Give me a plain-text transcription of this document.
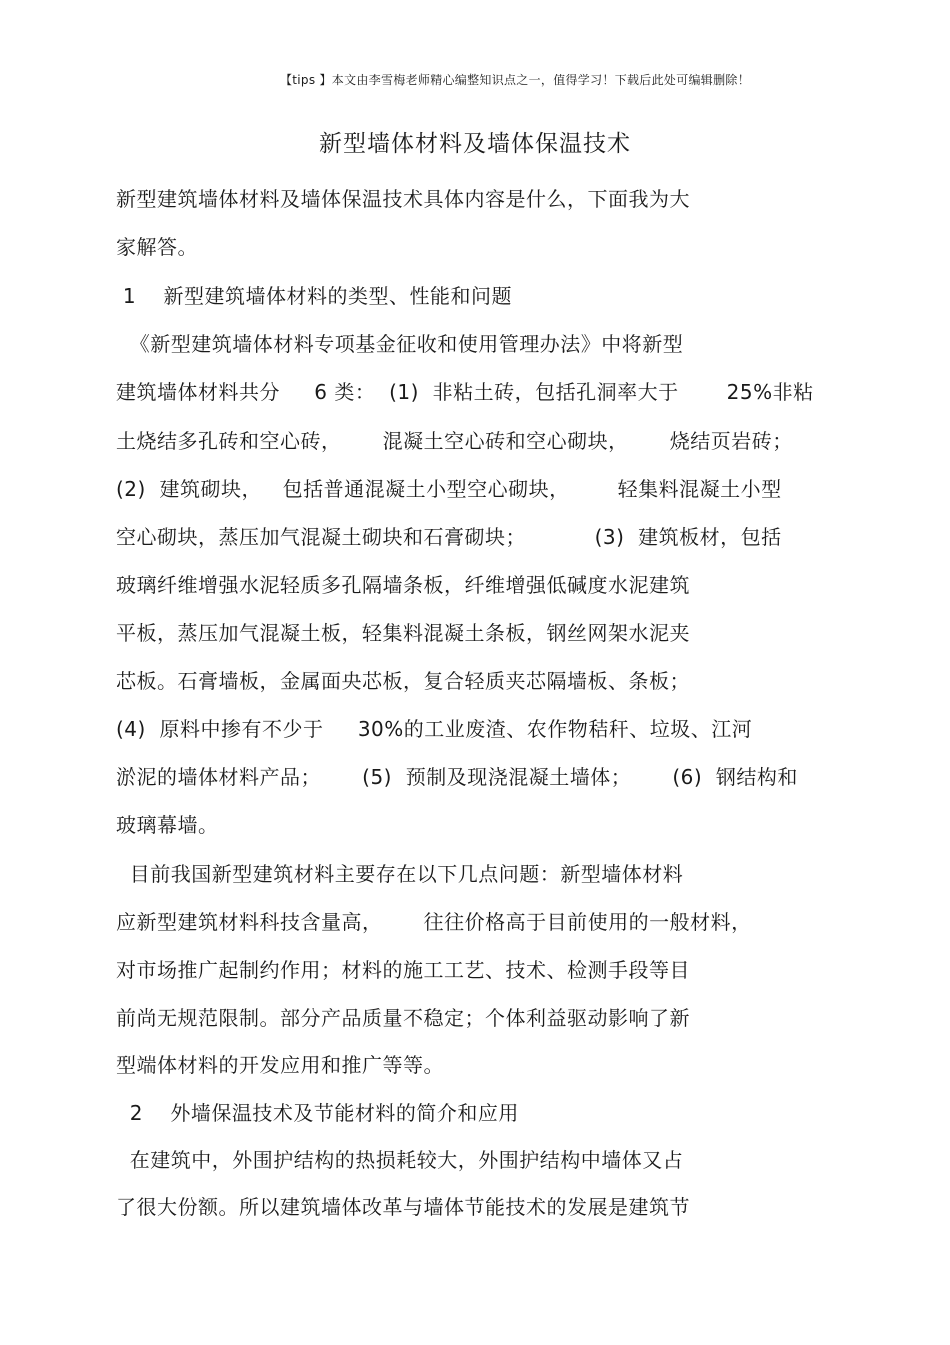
【tips 】本文由李雪梅老师精心编整知识点之一，值得学习！下载后此处可编辑删除！
新型墙体材料及墙体保温技术
新型建筑墙体材料及墙体保温技术具体内容是什么，下面我为大
家解答。
1    新型建筑墙体材料的类型、性能和问题
《新型建筑墙体材料专项基金征收和使用管理办法》中将新型
建筑墙体材料共分     6 类：  (1)  非粘土砖，包括孔洞率大于       25%非粘
土烧结多孔砖和空心砖，      混凝土空心砖和空心砌块，      烧结页岩砖；
(2)  建筑砌块，   包括普通混凝土小型空心砌块，       轻集料混凝土小型
空心砌块，蒸压加气混凝土砌块和石膏砌块；          (3)  建筑板材，包括
玻璃纤维增强水泥轻质多孔隔墙条板，纤维增强低碱度水泥建筑
平板，蒸压加气混凝土板，轻集料混凝土条板，钢丝网架水泥夹
芯板。石膏墙板，金属面央芯板，复合轻质夹芯隔墙板、条板；
(4)  原料中掺有不少于     30%的工业废渣、农作物秸秆、垃圾、江河
淤泥的墙体材料产品；      (5)  预制及现浇混凝土墙体；      (6)  钢结构和
玻璃幕墙。
目前我国新型建筑材料主要存在以下几点问题：新型墙体材料
应新型建筑材料科技含量高，      往往价格高于目前使用的一般材料，
对市场推广起制约作用；材料的施工工艺、技术、检测手段等目
前尚无规范限制。部分产品质量不稳定；个体利益驱动影响了新
型端体材料的开发应用和推广等等。
2    外墙保温技术及节能材料的简介和应用
在建筑中，外围护结构的热损耗较大，外围护结构中墙体又占
了很大份额。所以建筑墙体改革与墙体节能技术的发展是建筑节
